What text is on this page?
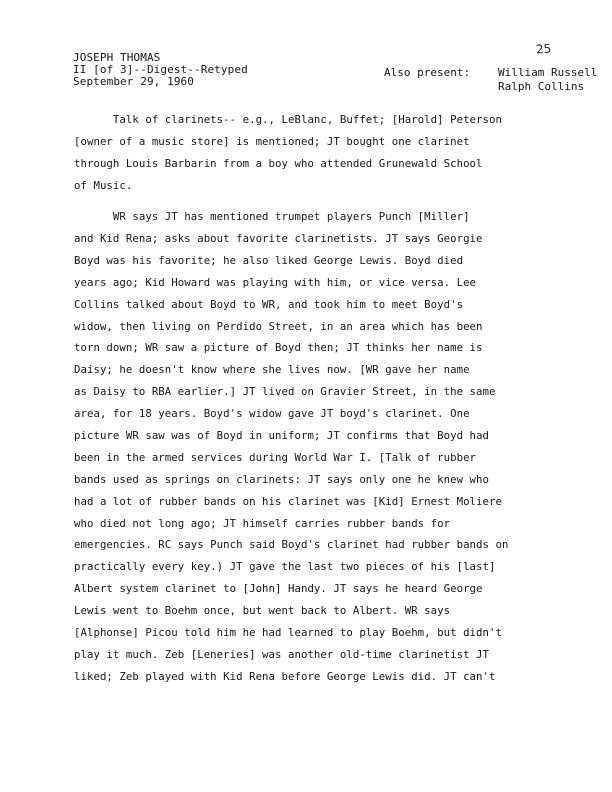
JOSEPH THOMAS
II [of 3]--Digest--Retyped
September 29, 1960
25
Also present:	William Russell
Ralph Collins
Talk of clarinets-- e.g., LeBlanc, Buffet; [Harold] Peterson
[owner of a music store] is mentioned; JT bought one clarinet
through Louis Barbarin from a boy who attended Grunewald School
of Music.
WR says JT has mentioned trumpet players Punch [Miller]
and Kid Rena; asks about favorite clarinetists. JT says Georgie
Boyd was his favorite; he also liked George Lewis. Boyd died
years ago; Kid Howard was playing with him, or vice versa. Lee
Collins talked about Boyd to WR, and took him to meet Boyd's
widow, then living on Perdido Street, in an area which has been
torn down; WR saw a picture of Boyd then; JT thinks her name is
Daisy; he doesn't know where she lives now. [WR gave her name
as Daisy to RBA earlier.] JT lived on Gravier Street, in the same
area, for 18 years. Boyd's widow gave JT boyd's clarinet. One
picture WR saw was of Boyd in uniform; JT confirms that Boyd had
been in the armed services during World War I. [Talk of rubber
bands used as springs on clarinets: JT says only one he knew who
had a lot of rubber bands on his clarinet was [Kid] Ernest Moliere
who died not long ago; JT himself carries rubber bands for
emergencies. RC says Punch said Boyd's clarinet had rubber bands on
practically every key.) JT gave the last two pieces of his [last]
Albert system clarinet to [John] Handy. JT says he heard George
Lewis went to Boehm once, but went back to Albert. WR says
[Alphonse] Picou told him he had learned to play Boehm, but didn't
play it much. Zeb [Leneries] was another old-time clarinetist JT
liked; Zeb played with Kid Rena before George Lewis did. JT can't
